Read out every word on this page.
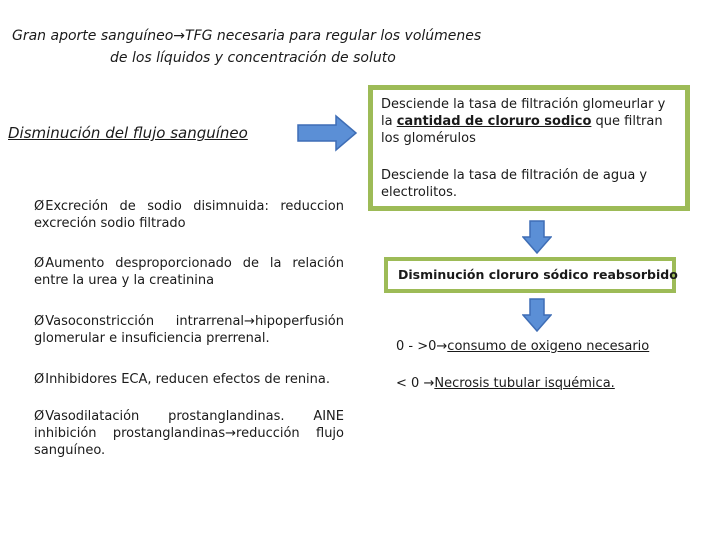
Gran aporte sanguíneo→TFG necesaria para regular los volúmenes
de los líquidos y concentración de soluto
Disminución del flujo sanguíneo
ØExcreción de sodio disimnuida: reduccion excreción sodio filtrado
ØAumento desproporcionado de la relación entre la urea y la creatinina
ØVasoconstricción intrarrenal→hipoperfusión glomerular e insuficiencia prerrenal.
ØInhibidores ECA, reducen efectos de renina.
ØVasodilatación prostanglandinas. AINE inhibición prostanglandinas→reducción flujo sanguíneo.
Desciende la tasa de filtración glomeurlar y la cantidad de cloruro sodico que filtran los glomérulos
Desciende la tasa de filtración de agua y electrolitos.
Disminución cloruro sódico reabsorbido
0 - >0→consumo de oxigeno necesario
< 0 →Necrosis tubular isquémica.
